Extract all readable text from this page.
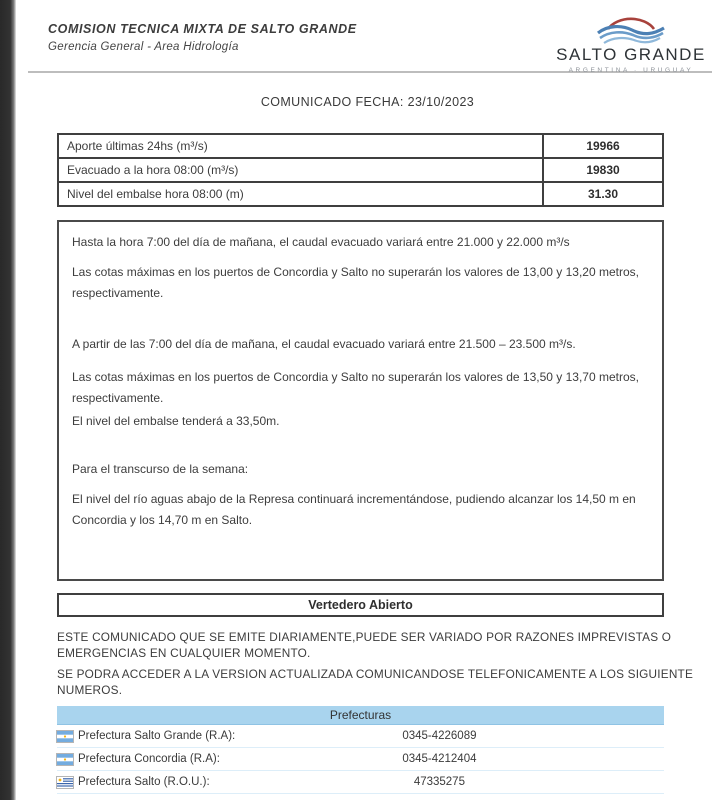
COMISION TECNICA MIXTA DE SALTO GRANDE
Gerencia General - Area Hidrología	SALTO GRANDE
ARGENTINA · URUGUAY
COMUNICADO FECHA: 23/10/2023
Aporte últimas 24hs (m³/s)	19966
Evacuado a la hora 08:00 (m³/s)	19830
Nivel del embalse hora 08:00 (m)	31.30

Hasta la hora 7:00 del día de mañana, el caudal evacuado variará entre 21.000 y 22.000 m³/s

Las cotas máximas en los puertos de Concordia y Salto no superarán los valores de 13,00 y 13,20 metros, respectivamente.

A partir de las 7:00 del día de mañana, el caudal evacuado variará entre 21.500 – 23.500 m³/s.

Las cotas máximas en los puertos de Concordia y Salto no superarán los valores de 13,50 y 13,70 metros, respectivamente.

El nivel del embalse tenderá a 33,50m.

Para el transcurso de la semana:

El nivel del río aguas abajo de la Represa continuará incrementándose, pudiendo alcanzar los 14,50 m en Concordia y los 14,70 m en Salto.

Vertedero Abierto

ESTE COMUNICADO QUE SE EMITE DIARIAMENTE,PUEDE SER VARIADO POR RAZONES IMPREVISTAS O EMERGENCIAS EN CUALQUIER MOMENTO.

SE PODRA ACCEDER A LA VERSION ACTUALIZADA COMUNICANDOSE TELEFONICAMENTE A LOS SIGUIENTE NUMEROS.

Prefecturas
Prefectura Salto Grande (R.A):	0345-4226089
Prefectura Concordia (R.A):	0345-4212404
Prefectura Salto (R.O.U.):	47335275
